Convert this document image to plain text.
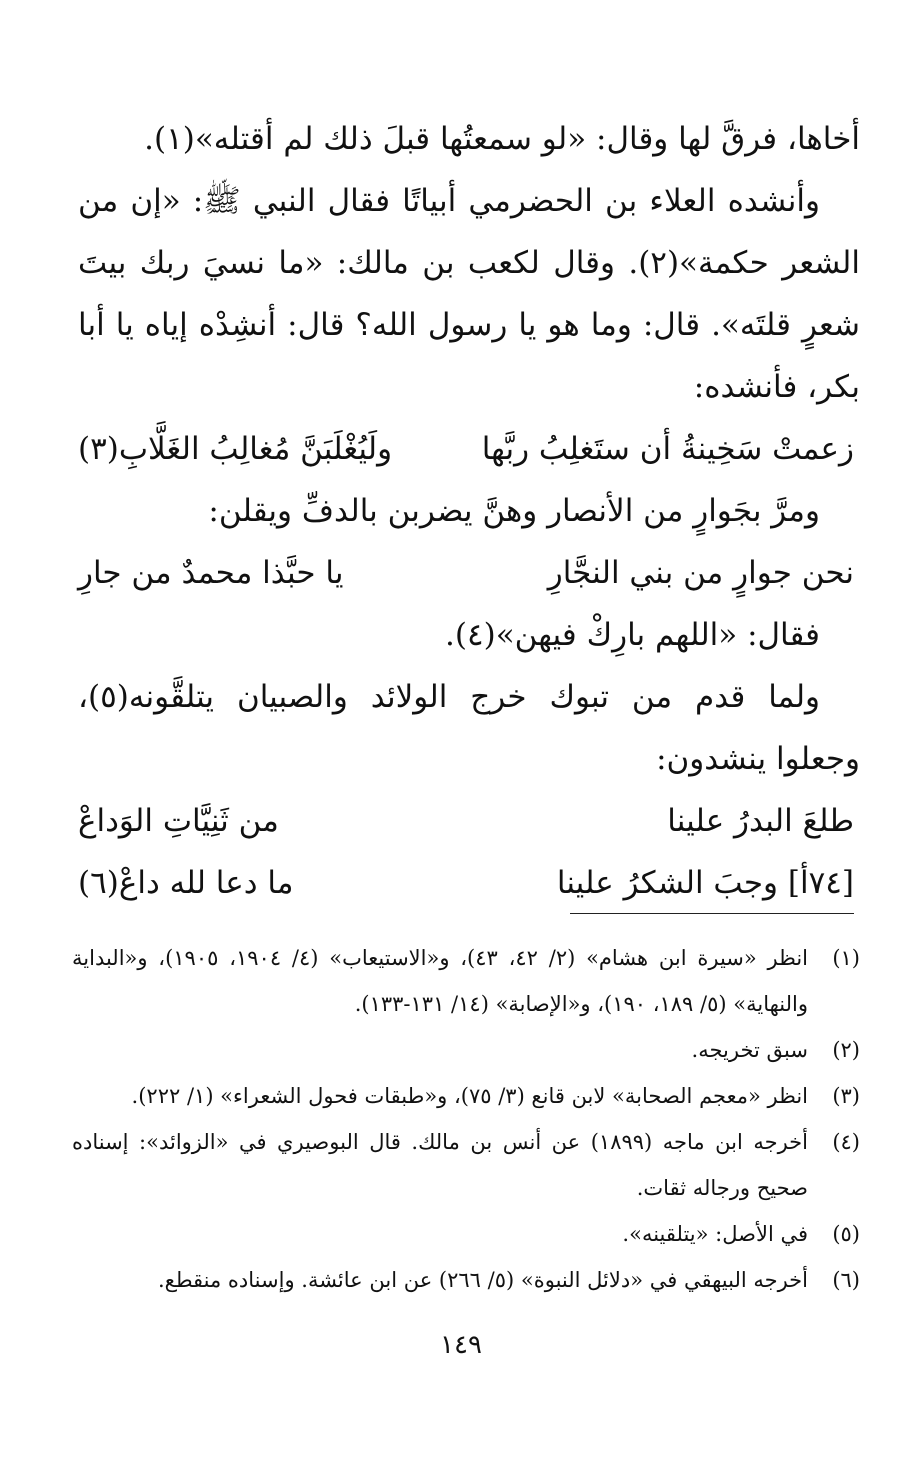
أخاها، فرقَّ لها وقال: «لو سمعتُها قبلَ ذلك لم أقتله»(١).

وأنشده العلاء بن الحضرمي أبياتًا فقال النبي ﷺ: «إن من الشعر حكمة»(٢). وقال لكعب بن مالك: «ما نسيَ ربك بيتَ شعرٍ قلتَه». قال: وما هو يا رسول الله؟ قال: أنشِدْه إياه يا أبا بكر، فأنشده:

زعمتْ سَخِينةُ أن ستَغلِبُ ربَّها
ولَيُغْلَبَنَّ مُغالِبُ الغَلَّابِ(٣)

ومرَّ بجَوارٍ من الأنصار وهنَّ يضربن بالدفِّ ويقلن:

نحن جوارٍ من بني النجَّارِ
يا حبَّذا محمدٌ من جارِ

فقال: «اللهم بارِكْ فيهن»(٤).

ولما قدم من تبوك خرج الولائد والصبيان يتلقَّونه(٥)، وجعلوا ينشدون:

طلعَ البدرُ علينا
من ثَنِيَّاتِ الوَداعْ
[٧٤أ] وجبَ الشكرُ علينا
ما دعا لله داعْ(٦)
(١)
انظر «سيرة ابن هشام» (٢/ ٤٢، ٤٣)، و«الاستيعاب» (٤/ ١٩٠٤، ١٩٠٥)، و«البداية والنهاية» (٥/ ١٨٩، ١٩٠)، و«الإصابة» (١٤/ ١٣١-١٣٣).
(٢)
سبق تخريجه.
(٣)
انظر «معجم الصحابة» لابن قانع (٣/ ٧٥)، و«طبقات فحول الشعراء» (١/ ٢٢٢).
(٤)
أخرجه ابن ماجه (١٨٩٩) عن أنس بن مالك. قال البوصيري في «الزوائد»: إسناده صحيح ورجاله ثقات.
(٥)
في الأصل: «يتلقينه».
(٦)
أخرجه البيهقي في «دلائل النبوة» (٥/ ٢٦٦) عن ابن عائشة. وإسناده منقطع.
١٤٩
